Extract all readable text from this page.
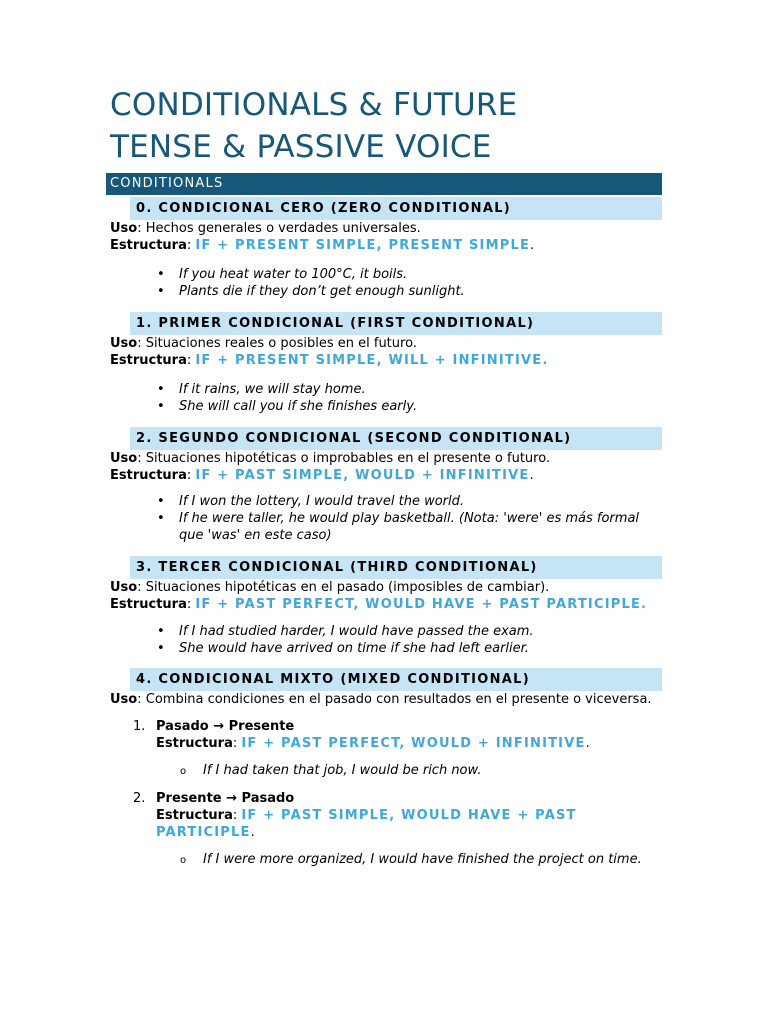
CONDITIONALS & FUTURE
TENSE & PASSIVE VOICE
CONDITIONALS
0. CONDICIONAL CERO (ZERO CONDITIONAL)

Uso: Hechos generales o verdades universales.

Estructura: IF + PRESENT SIMPLE, PRESENT SIMPLE.

• If you heat water to 100°C, it boils.
• Plants die if they don’t get enough sunlight.
1. PRIMER CONDICIONAL (FIRST CONDITIONAL)

Uso: Situaciones reales o posibles en el futuro.

Estructura: IF + PRESENT SIMPLE, WILL + INFINITIVE.

• If it rains, we will stay home.
• She will call you if she finishes early.
2. SEGUNDO CONDICIONAL (SECOND CONDITIONAL)

Uso: Situaciones hipotéticas o improbables en el presente o futuro.

Estructura: IF + PAST SIMPLE, WOULD + INFINITIVE.

• If I won the lottery, I would travel the world.
• If he were taller, he would play basketball. (Nota: 'were' es más formal que 'was' en este caso)
3. TERCER CONDICIONAL (THIRD CONDITIONAL)

Uso: Situaciones hipotéticas en el pasado (imposibles de cambiar).

Estructura: IF + PAST PERFECT, WOULD HAVE + PAST PARTICIPLE.

• If I had studied harder, I would have passed the exam.
• She would have arrived on time if she had left earlier.
4. CONDICIONAL MIXTO (MIXED CONDITIONAL)

Uso: Combina condiciones en el pasado con resultados en el presente o viceversa.

1. Pasado → Presente
Estructura: IF + PAST PERFECT, WOULD + INFINITIVE.
o If I had taken that job, I would be rich now.
2. Presente → Pasado
Estructura: IF + PAST SIMPLE, WOULD HAVE + PAST PARTICIPLE.
o If I were more organized, I would have finished the project on time.
